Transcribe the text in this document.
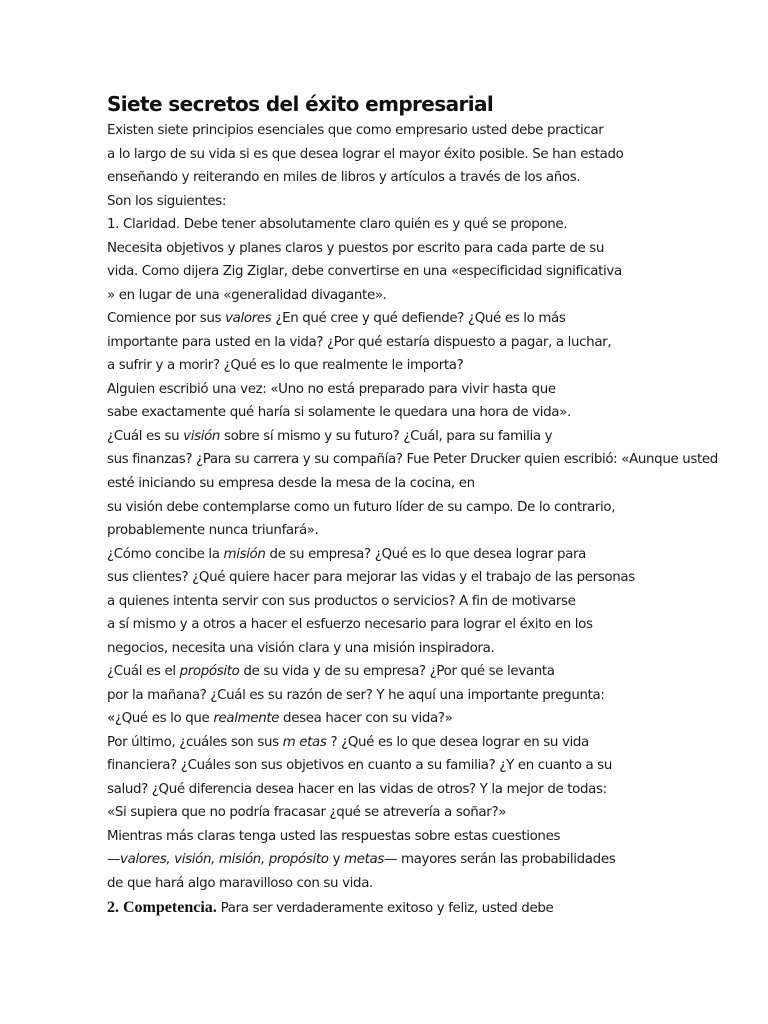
Siete secretos del éxito empresarial
Existen siete principios esenciales que como empresario usted debe practicar
a lo largo de su vida si es que desea lograr el mayor éxito posible. Se han estado
enseñando y reiterando en miles de libros y artículos a través de los años.
Son los siguientes:
1. Claridad. Debe tener absolutamente claro quién es y qué se propone.
Necesita objetivos y planes claros y puestos por escrito para cada parte de su
vida. Como dijera Zig Ziglar, debe convertirse en una «especificidad significativa
» en lugar de una «generalidad divagante».
Comience por sus valores ¿En qué cree y qué defiende? ¿Qué es lo más
importante para usted en la vida? ¿Por qué estaría dispuesto a pagar, a luchar,
a sufrir y a morir? ¿Qué es lo que realmente le importa?
Alguien escribió una vez: «Uno no está preparado para vivir hasta que
sabe exactamente qué haría si solamente le quedara una hora de vida».
¿Cuál es su visión sobre sí mismo y su futuro? ¿Cuál, para su familia y
sus finanzas? ¿Para su carrera y su compañía? Fue Peter Drucker quien escribió: «Aunque usted
esté iniciando su empresa desde la mesa de la cocina, en
su visión debe contemplarse como un futuro líder de su campo. De lo contrario,
probablemente nunca triunfará».
¿Cómo concibe la misión de su empresa? ¿Qué es lo que desea lograr para
sus clientes? ¿Qué quiere hacer para mejorar las vidas y el trabajo de las personas
a quienes intenta servir con sus productos o servicios? A fin de motivarse
a sí mismo y a otros a hacer el esfuerzo necesario para lograr el éxito en los
negocios, necesita una visión clara y una misión inspiradora.
¿Cuál es el propósito de su vida y de su empresa? ¿Por qué se levanta
por la mañana? ¿Cuál es su razón de ser? Y he aquí una importante pregunta:
«¿Qué es lo que realmente desea hacer con su vida?»
Por último, ¿cuáles son sus m etas ? ¿Qué es lo que desea lograr en su vida
financiera? ¿Cuáles son sus objetivos en cuanto a su familia? ¿Y en cuanto a su
salud? ¿Qué diferencia desea hacer en las vidas de otros? Y la mejor de todas:
«Si supiera que no podría fracasar ¿qué se atrevería a soñar?»
Mientras más claras tenga usted las respuestas sobre estas cuestiones
—valores, visión, misión, propósito y metas— mayores serán las probabilidades
de que hará algo maravilloso con su vida.
2. Competencia. Para ser verdaderamente exitoso y feliz, usted debe
